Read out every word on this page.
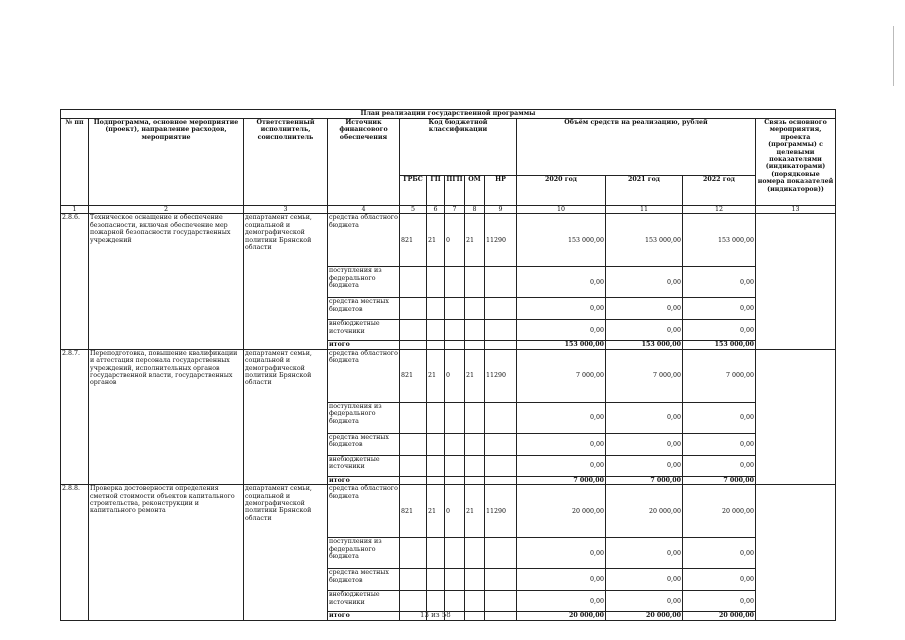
План реализации государственной программы												
№ пп	Подпрограмма, основное мероприятие (проект), направление расходов, мероприятие	Ответственный исполнитель, соисполнитель	Источник финансового обеспечения	Код бюджетной классификации					Объём средств на реализацию, рублей			Связь основного мероприятия, проекта (программы) с целевыми показателями (индикаторами) (порядковые номера показателей (индикаторов))
				ГРБС	ГП	ПГП	ОМ	НР	2020 год	2021 год	2022 год	
1	2	3	4	5	6	7	8	9	10	11	12	13
2.8.6.	Техническое оснащение и обеспечение безопасности, включая обеспечение мер пожарной безопасности государственных учреждений	департамент семьи, социальной и демографической политики Брянской области	средства областного бюджета	821	21	0	21	11290	153 000,00	153 000,00	153 000,00	
			поступления из федерального бюджета						0,00	0,00	0,00	
			средства местных бюджетов						0,00	0,00	0,00	
			внебюджетные источники						0,00	0,00	0,00	
			итого						153 000,00	153 000,00	153 000,00	
2.8.7.	Переподготовка, повышение квалификации и аттестация персонала государственных учреждений, исполнительных органов государственной власти, государственных органов	департамент семьи, социальной и демографической политики Брянской области	средства областного бюджета	821	21	0	21	11290	7 000,00	7 000,00	7 000,00	
			поступления из федерального бюджета						0,00	0,00	0,00	
			средства местных бюджетов						0,00	0,00	0,00	
			внебюджетные источники						0,00	0,00	0,00	
			итого						7 000,00	7 000,00	7 000,00	
2.8.8.	Проверка достоверности определения сметной стоимости объектов капитального строительства, реконструкции и капитального ремонта	департамент семьи, социальной и демографической политики Брянской области	средства областного бюджета	821	21	0	21	11290	20 000,00	20 000,00	20 000,00	
			поступления из федерального бюджета						0,00	0,00	0,00	
			средства местных бюджетов						0,00	0,00	0,00	
			внебюджетные источники						0,00	0,00	0,00	
			итого						20 000,00	20 000,00	20 000,00	
13 из 58
